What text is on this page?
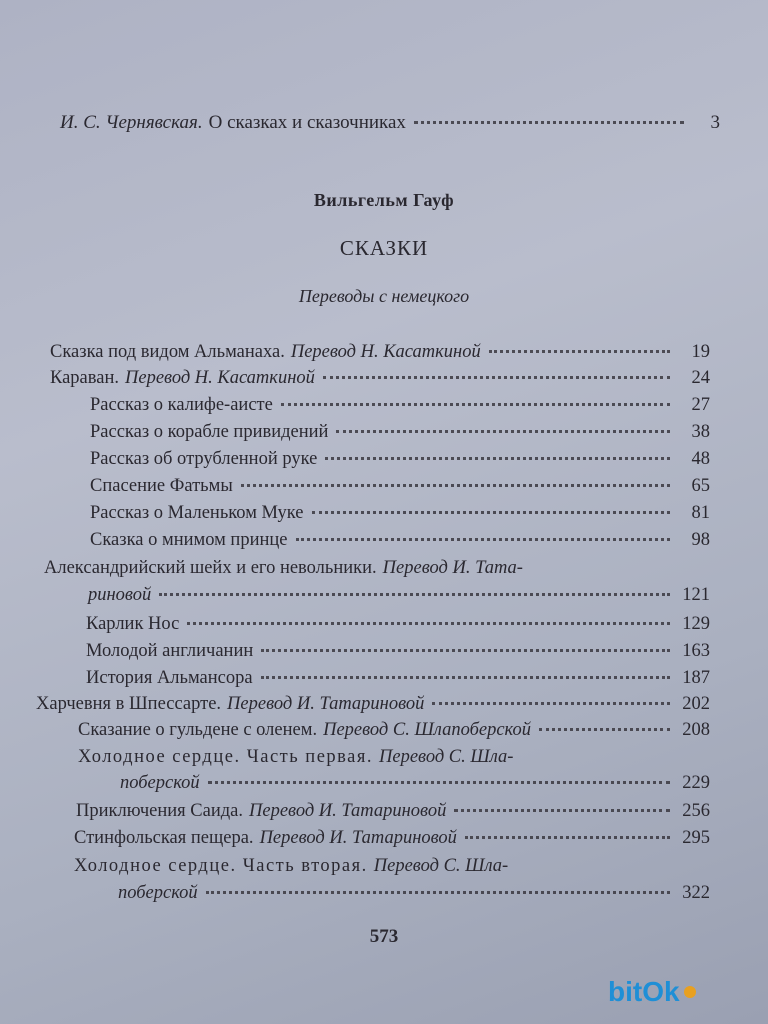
И. С. Чернявская. О сказках и сказочниках	3
Вильгельм Гауф
СКАЗКИ
Переводы с немецкого
Сказка под видом Альманаха. Перевод Н. Касаткиной	19
Караван. Перевод Н. Касаткиной	24
Рассказ о калифе-аисте	27
Рассказ о корабле привидений	38
Рассказ об отрубленной руке	48
Спасение Фатьмы	65
Рассказ о Маленьком Муке	81
Сказка о мнимом принце	98
Александрийский шейх и его невольники. Перевод И. Тата-
риновой	121
Карлик Нос	129
Молодой англичанин	163
История Альмансора	187
Харчевня в Шпессарте. Перевод И. Татариновой	202
Сказание о гульдене с оленем. Перевод С. Шлапоберской	208
Холодное сердце. Часть первая. Перевод С. Шла-
поберской	229
Приключения Саида. Перевод И. Татариновой	256
Стинфольская пещера. Перевод И. Татариновой	295
Холодное сердце. Часть вторая. Перевод С. Шла-
поберской	322
573
bitOk
